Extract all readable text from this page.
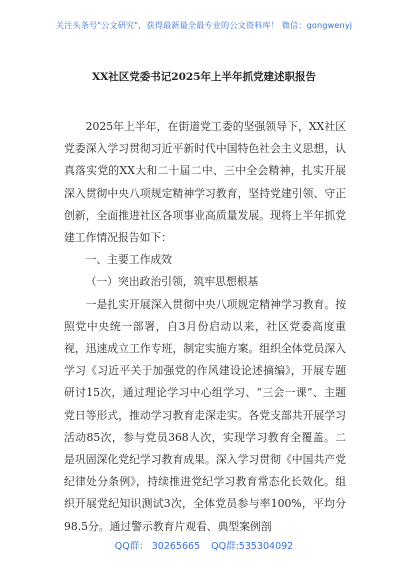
关注头条号"公文研究"，获得最新最全最专业的公文资料库！ 微信：gongwenyj
XX社区党委书记2025年上半年抓党建述职报告

2025年上半年，在街道党工委的坚强领导下，XX社区党委深入学习贯彻习近平新时代中国特色社会主义思想，认真落实党的XX大和二十届二中、三中全会精神，扎实开展深入贯彻中央八项规定精神学习教育，坚持党建引领、守正创新，全面推进社区各项事业高质量发展。现将上半年抓党建工作情况报告如下：

一、主要工作成效

（一）突出政治引领，筑牢思想根基

一是扎实开展深入贯彻中央八项规定精神学习教育。按照党中央统一部署，自3月份启动以来，社区党委高度重视，迅速成立工作专班，制定实施方案。组织全体党员深入学习《习近平关于加强党的作风建设论述摘编》，开展专题研讨15次，通过理论学习中心组学习、“三会一课”、主题党日等形式，推动学习教育走深走实。各党支部共开展学习活动85次，参与党员368人次，实现学习教育全覆盖。二是巩固深化党纪学习教育成果。深入学习贯彻《中国共产党纪律处分条例》，持续推进党纪学习教育常态化长效化。组织开展党纪知识测试3次，全体党员参与率100%，平均分98.5分。通过警示教育片观看、典型案例剖

QQ群： 30265665 QQ群:535304092
